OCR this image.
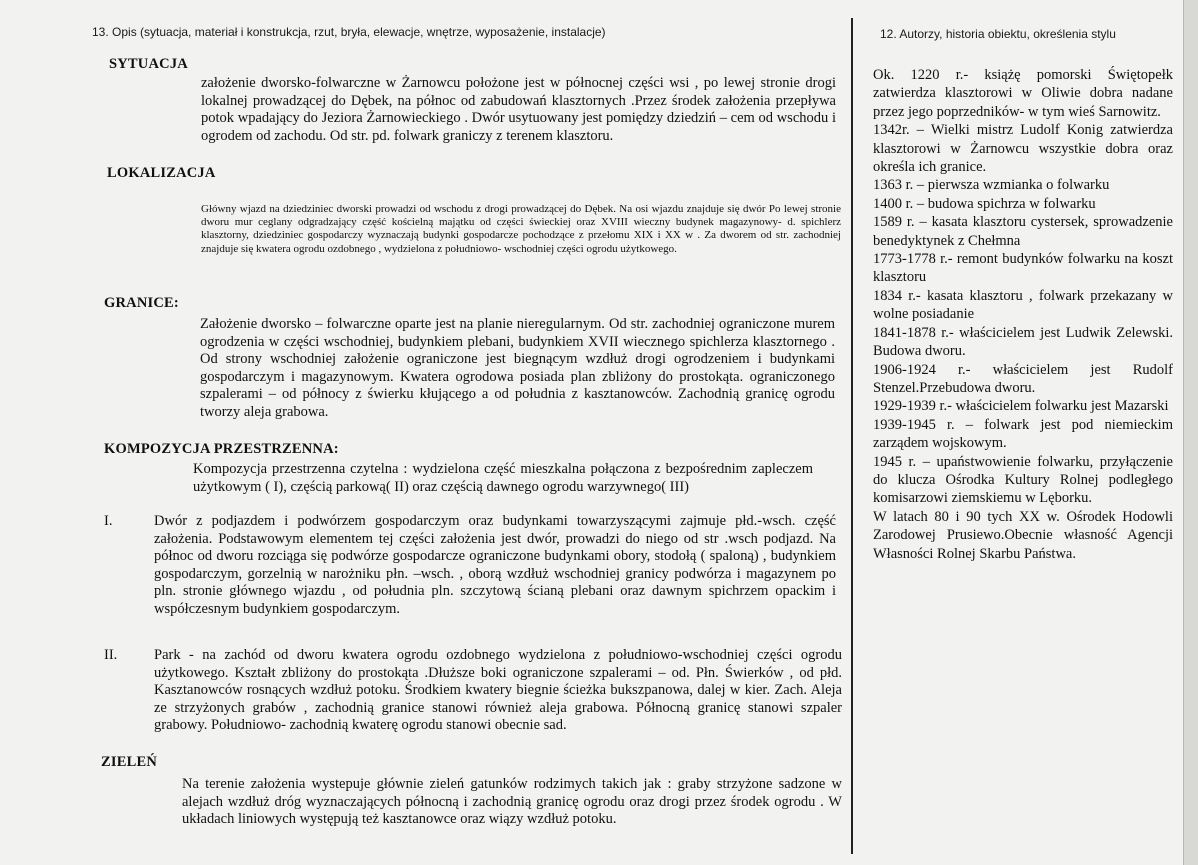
13. Opis (sytuacja, materiał i konstrukcja, rzut, bryła, elewacje, wnętrze, wyposażenie, instalacje)	12. Autorzy, historia obiektu, określenia stylu
SYTUACJA
założenie dworsko-folwarczne w Żarnowcu położone jest w północnej części wsi , po lewej stronie drogi lokalnej prowadzącej do Dębek, na północ od zabudowań klasztornych .Przez środek założenia przepływa potok wpadający do Jeziora Żarnowieckiego . Dwór usytuowany jest pomiędzy dziedziń – cem od wschodu i ogrodem od zachodu. Od str. pd. folwark graniczy z terenem klasztoru.
LOKALIZACJA
Główny wjazd na dziedziniec dworski prowadzi od wschodu z drogi prowadzącej do Dębek. Na osi wjazdu znajduje się dwór Po lewej stronie dworu mur ceglany odgradzający część kościelną majątku od części świeckiej oraz XVIII wieczny budynek magazynowy- d. spichlerz klasztorny, dziedziniec gospodarczy wyznaczają budynki gospodarcze pochodzące z przełomu XIX i XX w . Za dworem od str. zachodniej znajduje się kwatera ogrodu ozdobnego , wydzielona z południowo- wschodniej części ogrodu użytkowego.
GRANICE:
Założenie dworsko – folwarczne oparte jest na planie nieregularnym. Od str. zachodniej ograniczone murem ogrodzenia w części wschodniej, budynkiem plebani, budynkiem XVII wiecznego spichlerza klasztornego . Od strony wschodniej założenie ograniczone jest biegnącym wzdłuż drogi ogrodzeniem i budynkami gospodarczym i magazynowym. Kwatera ogrodowa posiada plan zbliżony do prostokąta. ograniczonego szpalerami – od północy z świerku kłującego a od południa z kasztanowców. Zachodnią granicę ogrodu tworzy aleja grabowa.
KOMPOZYCJA PRZESTRZENNA:
Kompozycja przestrzenna czytelna : wydzielona część mieszkalna połączona z bezpośrednim zapleczem użytkowym ( I), częścią parkową( II) oraz częścią dawnego ogrodu warzywnego( III)
I.	Dwór z podjazdem i podwórzem gospodarczym oraz budynkami towarzyszącymi zajmuje płd.-wsch. część założenia. Podstawowym elementem tej części założenia jest dwór, prowadzi do niego od str .wsch podjazd. Na północ od dworu rozciąga się podwórze gospodarcze ograniczone budynkami obory, stodołą ( spaloną) , budynkiem gospodarczym, gorzelnią w narożniku płn. –wsch. , oborą wzdłuż wschodniej granicy podwórza i magazynem po pln. stronie głównego wjazdu , od południa pln. szczytową ścianą plebani oraz dawnym spichrzem opackim i współczesnym budynkiem gospodarczym.
II.	Park - na zachód od dworu kwatera ogrodu ozdobnego wydzielona z południowo-wschodniej części ogrodu użytkowego. Kształt zbliżony do prostokąta .Dłuższe boki ograniczone szpalerami – od. Płn. Świerków , od płd. Kasztanowców rosnących wzdłuż potoku. Środkiem kwatery biegnie ścieżka bukszpanowa, dalej w kier. Zach. Aleja ze strzyżonych grabów , zachodnią granice stanowi również aleja grabowa. Północną granicę stanowi szpaler grabowy. Południowo- zachodnią kwaterę ogrodu stanowi obecnie sad.
ZIELEŃ
Na terenie założenia wystepuje głównie zieleń gatunków rodzimych takich jak : graby strzyżone sadzone w alejach wzdłuż dróg wyznaczających północną i zachodnią granicę ogrodu oraz drogi przez środek ogrodu . W układach liniowych występują też kasztanowce oraz wiązy wzdłuż potoku.

Ok. 1220 r.- książę pomorski Świętopełk zatwierdza klasztorowi w Oliwie dobra nadane przez jego poprzedników- w tym wieś Sarnowitz.

1342r. – Wielki mistrz Ludolf Konig zatwierdza klasztorowi w Żarnowcu wszystkie dobra oraz określa ich granice.

1363 r. – pierwsza wzmianka o folwarku

1400 r. – budowa spichrza w folwarku

1589 r. – kasata klasztoru cystersek, sprowadzenie benedyktynek z Chełmna

1773-1778 r.- remont budynków folwarku na koszt klasztoru

1834 r.- kasata klasztoru , folwark przekazany w wolne posiadanie

1841-1878 r.- właścicielem jest Ludwik Zelewski. Budowa dworu.

1906-1924 r.- właścicielem jest Rudolf Stenzel.Przebudowa dworu.

1929-1939 r.- właścicielem folwarku jest Mazarski

1939-1945 r. – folwark jest pod niemieckim zarządem wojskowym.

1945 r. – upaństwowienie folwarku, przyłączenie do klucza Ośrodka Kultury Rolnej podległego komisarzowi ziemskiemu w Lęborku.

W latach 80 i 90 tych XX w. Ośrodek Hodowli Zarodowej Prusiewo.Obecnie własność Agencji Własności Rolnej Skarbu Państwa.
